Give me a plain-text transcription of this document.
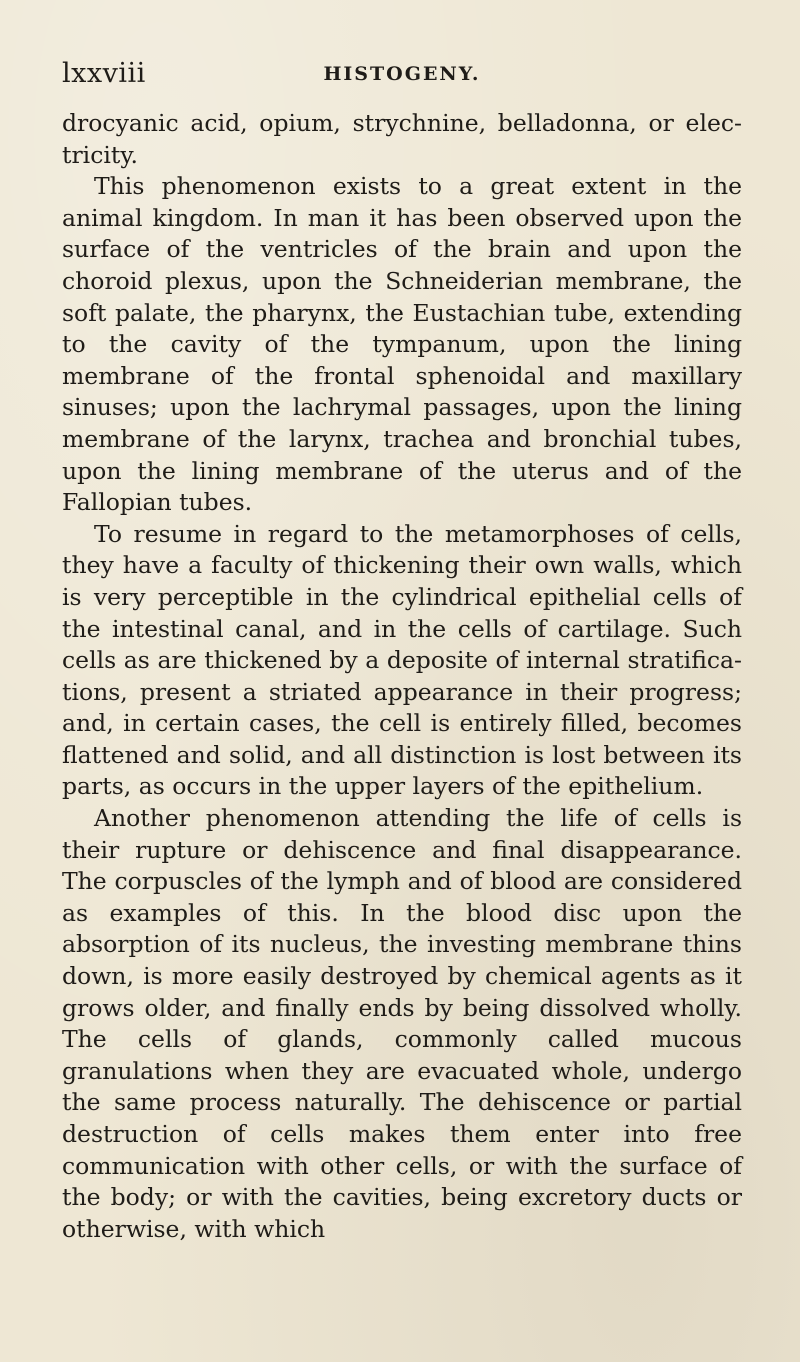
lxxviii	HISTOGENY.

drocyanic acid, opium, strychnine, belladonna, or electricity.

This phenomenon exists to a great extent in the animal kingdom. In man it has been observed upon the surface of the ventricles of the brain and upon the choroid plexus, upon the Schneiderian membrane, the soft palate, the pharynx, the Eustachian tube, extending to the cavity of the tympanum, upon the lining membrane of the frontal sphenoidal and maxillary sinuses; upon the lachrymal passages, upon the lining membrane of the larynx, trachea and bronchial tubes, upon the lining membrane of the uterus and of the Fallopian tubes.

To resume in regard to the metamorphoses of cells, they have a faculty of thickening their own walls, which is very perceptible in the cylindrical epithelial cells of the intestinal canal, and in the cells of cartilage. Such cells as are thickened by a deposite of internal stratifications, present a striated appearance in their progress; and, in certain cases, the cell is entirely filled, becomes flattened and solid, and all distinction is lost between its parts, as occurs in the upper layers of the epithelium.

Another phenomenon attending the life of cells is their rupture or dehiscence and final disappearance. The corpuscles of the lymph and of blood are considered as examples of this. In the blood disc upon the absorption of its nucleus, the investing membrane thins down, is more easily destroyed by chemical agents as it grows older, and finally ends by being dissolved wholly. The cells of glands, commonly called mucous granulations when they are evacuated whole, undergo the same process naturally. The dehiscence or partial destruction of cells makes them enter into free communication with other cells, or with the surface of the body; or with the cavities, being excretory ducts or otherwise, with which
